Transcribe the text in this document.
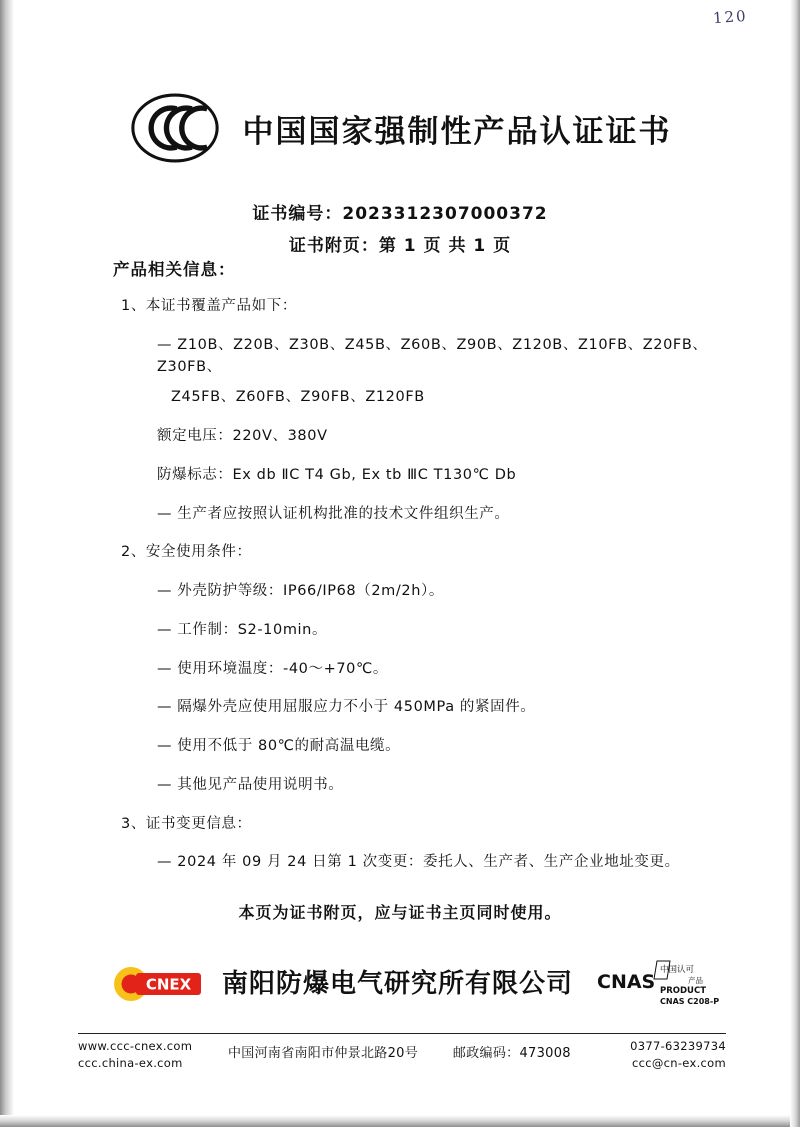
120
中国国家强制性产品认证证书
证书编号：2023312307000372
证书附页：第 1 页 共 1 页
产品相关信息：
1、本证书覆盖产品如下：
— Z10B、Z20B、Z30B、Z45B、Z60B、Z90B、Z120B、Z10FB、Z20FB、Z30FB、
Z45FB、Z60FB、Z90FB、Z120FB
额定电压：220V、380V
防爆标志：Ex db ⅡC T4 Gb, Ex tb ⅢC T130℃ Db
— 生产者应按照认证机构批准的技术文件组织生产。
2、安全使用条件：
— 外壳防护等级：IP66/IP68（2m/2h）。
— 工作制：S2-10min。
— 使用环境温度：-40～+70℃。
— 隔爆外壳应使用屈服应力不小于 450MPa 的紧固件。
— 使用不低于 80℃的耐高温电缆。
— 其他见产品使用说明书。
3、证书变更信息：
— 2024 年 09 月 24 日第 1 次变更：委托人、生产者、生产企业地址变更。
本页为证书附页，应与证书主页同时使用。
CNEX 南阳防爆电气研究所有限公司 CNAS
中国认可
产品
PRODUCT
CNAS C208-P
www.ccc-cnex.com
ccc.china-ex.com
中国河南省南阳市仲景北路20号	邮政编码：473008	0377-63239734
ccc@cn-ex.com
